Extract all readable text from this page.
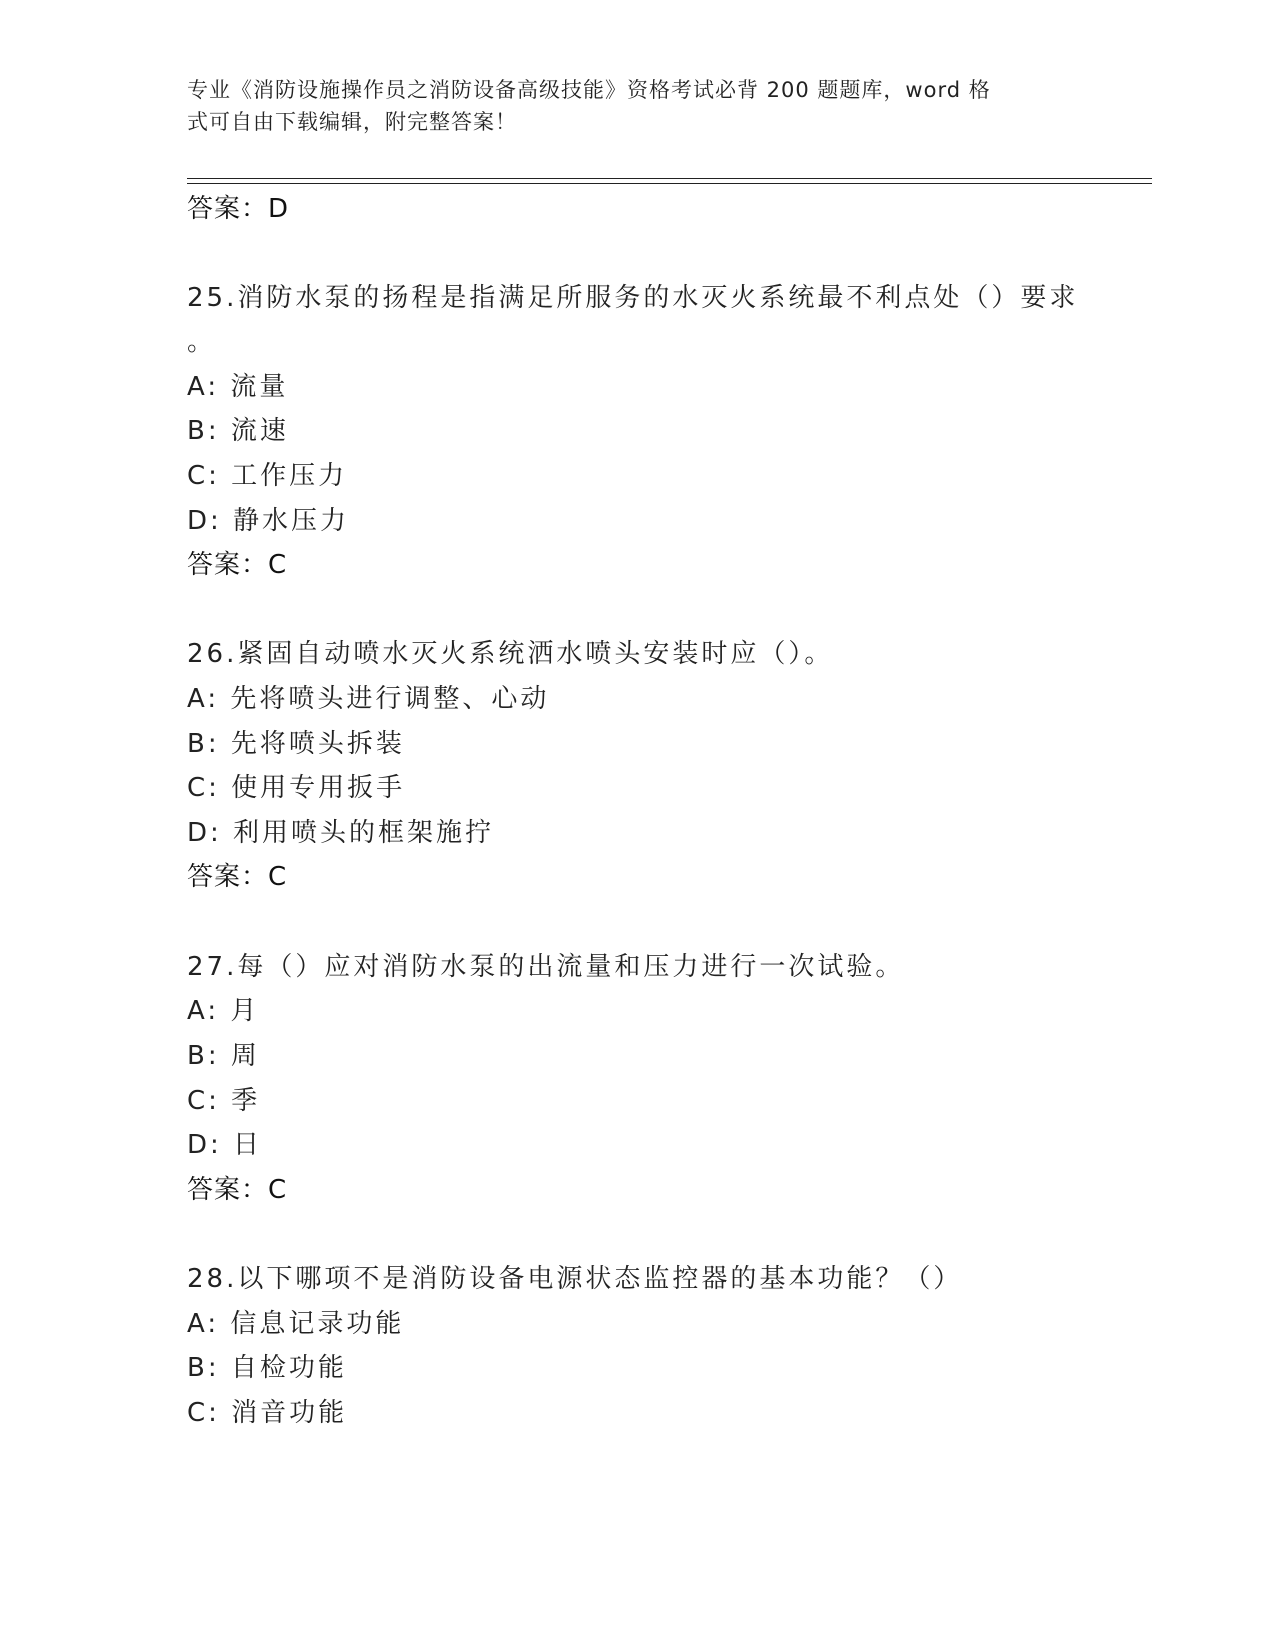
专业《消防设施操作员之消防设备高级技能》资格考试必背 200 题题库，word 格
式可自由下载编辑，附完整答案！
答案：D
25.消防水泵的扬程是指满足所服务的水灭火系统最不利点处（）要求
。
A: 流量
B: 流速
C: 工作压力
D: 静水压力
答案：C
26.紧固自动喷水灭火系统洒水喷头安装时应（）。
A: 先将喷头进行调整、心动
B: 先将喷头拆装
C: 使用专用扳手
D: 利用喷头的框架施拧
答案：C
27.每（）应对消防水泵的出流量和压力进行一次试验。
A: 月
B: 周
C: 季
D: 日
答案：C
28.以下哪项不是消防设备电源状态监控器的基本功能？（）
A: 信息记录功能
B: 自检功能
C: 消音功能
